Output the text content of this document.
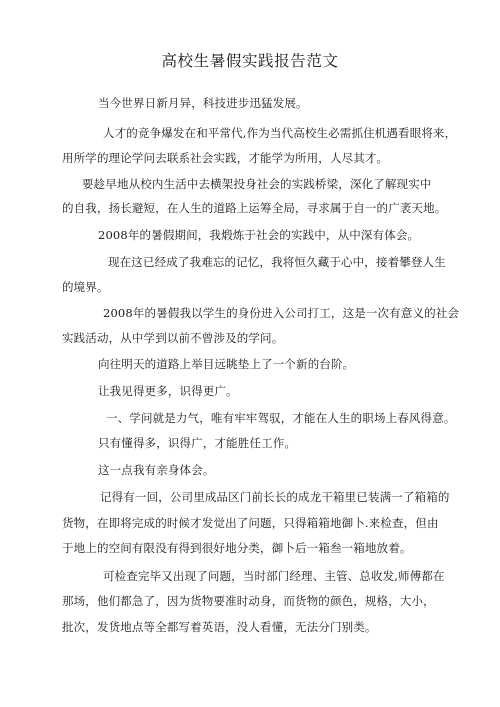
高校生暑假实践报告范文
当今世界日新月异，科技进步迅猛发展。
人才的竞争爆发在和平常代,作为当代高校生必需抓住机遇看眼将来，
用所学的理论学问去联系社会实践，才能学为所用，人尽其才。
要趁早地从校内生活中去横架投身社会的实践桥梁，深化了解现实中
的自我，扬长避短，在人生的道路上运筹全局，寻求属于自一的广袤天地。
2008年的暑假期间，我煅炼于社会的实践中，从中深有体会。
现在这已经成了我难忘的记忆，我将恒久藏于心中，接着攀登人生
的境界。
2008年的暑假我以学生的身份进入公司打工，这是一次有意义的社会
实践活动，从中学到以前不曾涉及的学问。
向往明天的道路上举目远眺垫上了一个新的台阶。
让我见得更多，识得更广。
一、学问就是力气，唯有牢牢驾驭，才能在人生的职场上春风得意。
只有懂得多，识得广，才能胜任工作。
这一点我有亲身体会。
记得有一回，公司里成品区门前长长的成龙干箱里已装满一了箱箱的
货物，在即将完成的时候才发觉出了问题，只得箱箱地御卜.来检查，但由
于地上的空间有限没有得到很好地分类，御卜后一箱叁一箱地放着。
可检查完毕又出现了问题，当时部门经理、主管、总收发,师傅都在
那场，他们都急了，因为货物要准时动身，而货物的颜色，规格，大小，
批次，发货地点等全都写着英语，没人看懂，无法分门别类。
